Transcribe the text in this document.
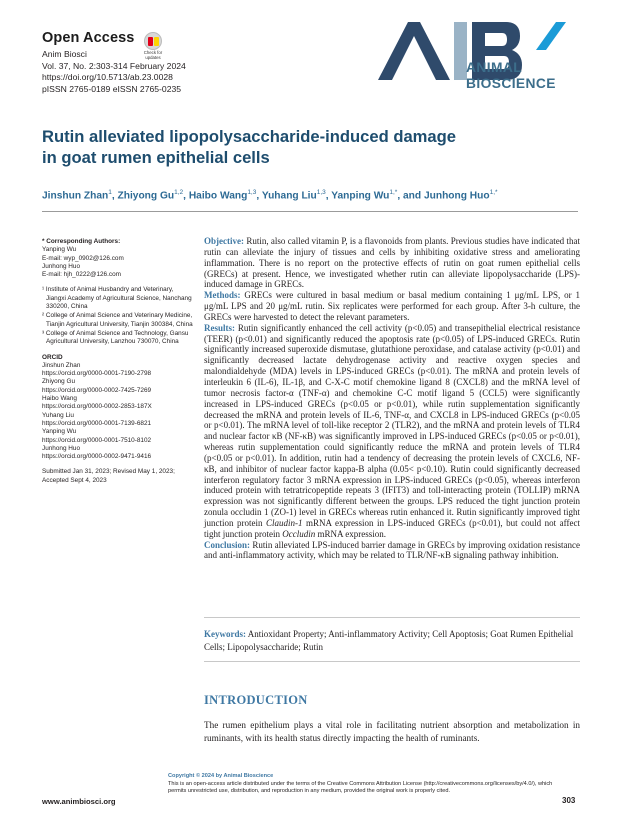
Open Access
Anim Biosci
Vol. 37, No. 2:303-314 February 2024
https://doi.org/10.5713/ab.23.0028
pISSN 2765-0189 eISSN 2765-0235
Check for updates
ANIMAL
BIOSCIENCE
Rutin alleviated lipopolysaccharide-induced damage
in goat rumen epithelial cells
Jinshun Zhan$^1$, Zhiyong Gu$^{1,2}$, Haibo Wang$^{1,3}$, Yuhang Liu$^{1,3}$, Yanping $Wu^{1,*}$, and Junhong Huo$^{1,*}$
* Corresponding Authors:
Yanping Wu
E-mail: wyp_0902@126.com
Junhong Huo
E-mail: hjh_0222@126.com
¹ Institute of Animal Husbandry and Veterinary, Jiangxi Academy of Agricultural Science, Nanchang 330200, China
² College of Animal Science and Veterinary Medicine, Tianjin Agricultural University, Tianjin 300384, China
³ College of Animal Science and Technology, Gansu Agricultural University, Lanzhou 730070, China
ORCID
Jinshun Zhan
https://orcid.org/0000-0001-7190-2798
Zhiyong Gu
https://orcid.org/0000-0002-7425-7269
Haibo Wang
https://orcid.org/0000-0002-2853-187X
Yuhang Liu
https://orcid.org/0000-0001-7139-6821
Yanping Wu
https://orcid.org/0000-0001-7510-8102
Junhong Huo
https://orcid.org/0000-0002-9471-9416
Submitted Jan 31, 2023; Revised May 1, 2023; Accepted Sept 4, 2023

Objective: Rutin, also called vitamin P, is a flavonoids from plants. Previous studies have indicated that rutin can alleviate the injury of tissues and cells by inhibiting oxidative stress and ameliorating inflammation. There is no report on the protective effects of rutin on goat rumen epithelial cells (GRECs) at present. Hence, we investigated whether rutin can alleviate lipopolysaccharide (LPS)-induced damage in GRECs.

Methods: GRECs were cultured in basal medium or basal medium containing 1 μg/mL LPS, or 1 μg/mL LPS and 20 μg/mL rutin. Six replicates were performed for each group. After 3-h culture, the GRECs were harvested to detect the relevant parameters.

Results: Rutin significantly enhanced the cell activity (p<0.05) and transepithelial electrical resistance (TEER) (p<0.01) and significantly reduced the apoptosis rate (p<0.05) of LPS-induced GRECs. Rutin significantly increased superoxide dismutase, glutathione peroxidase, and catalase activity (p<0.01) and significantly decreased lactate dehydrogenase activity and reactive oxygen species and malondialdehyde (MDA) levels in LPS-induced GRECs (p<0.01). The mRNA and protein levels of interleukin 6 (IL-6), IL-1β, and C-X-C motif chemokine ligand 8 (CXCL8) and the mRNA level of tumor necrosis factor-α (TNF-α) and chemokine C-C motif ligand 5 (CCL5) were significantly increased in LPS-induced GRECs (p<0.05 or p<0.01), while rutin supplementation significantly decreased the mRNA and protein levels of IL-6, TNF-α, and CXCL8 in LPS-induced GRECs (p<0.05 or p<0.01). The mRNA level of toll-like receptor 2 (TLR2), and the mRNA and protein levels of TLR4 and nuclear factor κB (NF-κB) was significantly improved in LPS-induced GRECs (p<0.05 or p<0.01), whereas rutin supplementation could significantly reduce the mRNA and protein levels of TLR4 (p<0.05 or p<0.01). In addition, rutin had a tendency of decreasing the protein levels of CXCL6, NF-κB, and inhibitor of nuclear factor kappa-B alpha (0.05< p<0.10). Rutin could significantly decreased interferon regulatory factor 3 mRNA expression in LPS-induced GRECs (p<0.05), whereas interferon induced protein with tetratricopeptide repeats 3 (IFIT3) and toll-interacting protein (TOLLIP) mRNA expression was not significantly different between the groups. LPS reduced the tight junction protein zonula occludin 1 (ZO-1) level in GRECs whereas rutin enhanced it. Rutin significantly improved tight junction protein Claudin-1 mRNA expression in LPS-induced GRECs (p<0.01), but could not affect tight junction protein Occludin mRNA expression.

Conclusion: Rutin alleviated LPS-induced barrier damage in GRECs by improving oxidation resistance and anti-inflammatory activity, which may be related to TLR/NF-κB signaling pathway inhibition.

Keywords: Antioxidant Property; Anti-inflammatory Activity; Cell Apoptosis; Goat Rumen Epithelial Cells; Lipopolysaccharide; Rutin
INTRODUCTION
The rumen epithelium plays a vital role in facilitating nutrient absorption and metabolization in ruminants, with its health status directly impacting the health of ruminants.
www.animbiosci.org
Copyright © 2024 by Animal Bioscience
This is an open-access article distributed under the terms of the Creative Commons Attribution License (http://creativecommons.org/licenses/by/4.0/), which permits unrestricted use, distribution, and reproduction in any medium, provided the original work is properly cited.
303
